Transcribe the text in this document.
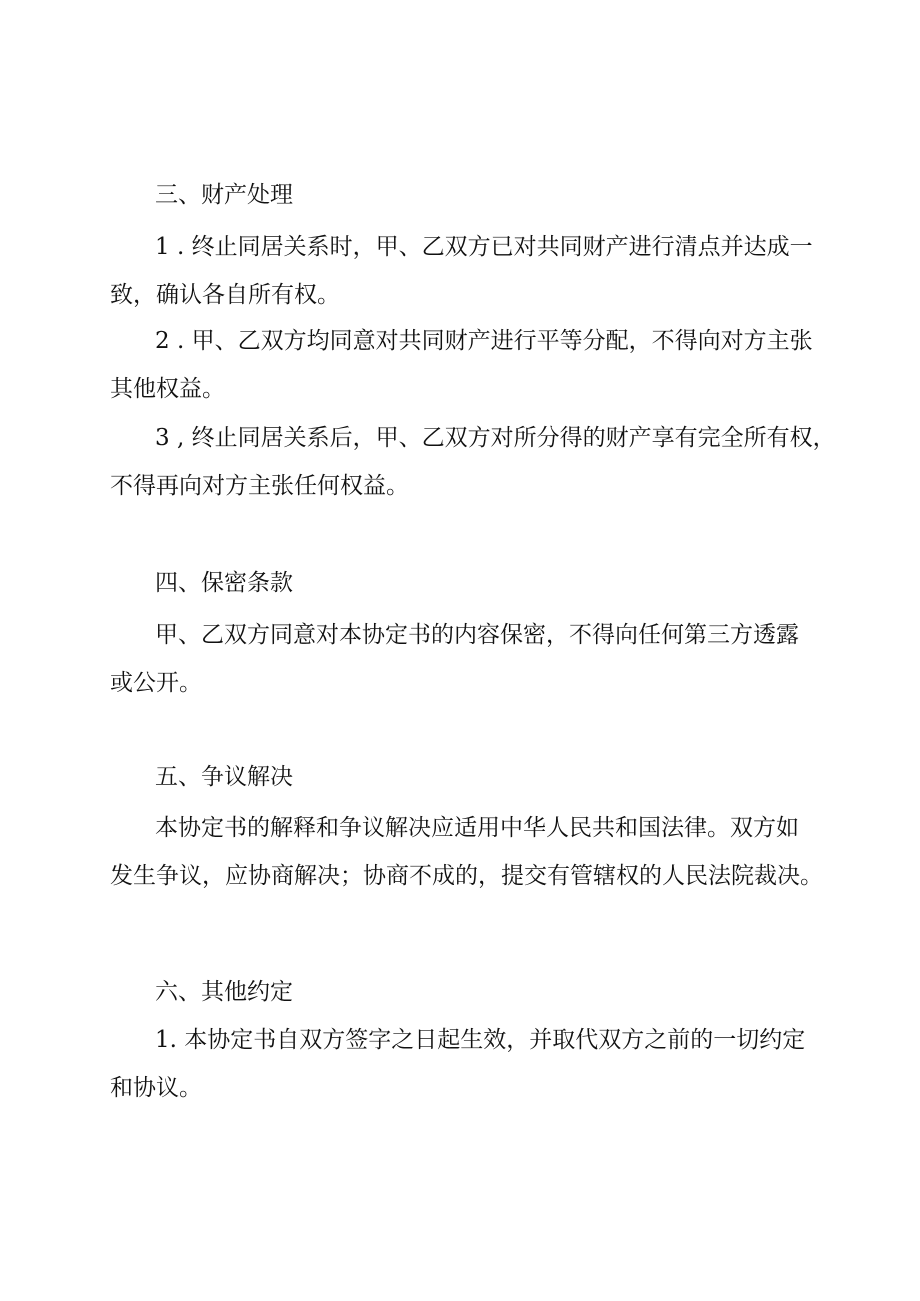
三、财产处理
1 . 终止同居关系时，甲、乙双方已对共同财产进行清点并达成一
致，确认各自所有权。
2 . 甲、乙双方均同意对共同财产进行平等分配，不得向对方主张
其他权益。
3 , 终止同居关系后，甲、乙双方对所分得的财产享有完全所有权，
不得再向对方主张任何权益。
四、保密条款
甲、乙双方同意对本协定书的内容保密，不得向任何第三方透露
或公开。
五、争议解决
本协定书的解释和争议解决应适用中华人民共和国法律。双方如
发生争议，应协商解决；协商不成的，提交有管辖权的人民法院裁决。
六、其他约定
1. 本协定书自双方签字之日起生效，并取代双方之前的一切约定
和协议。
